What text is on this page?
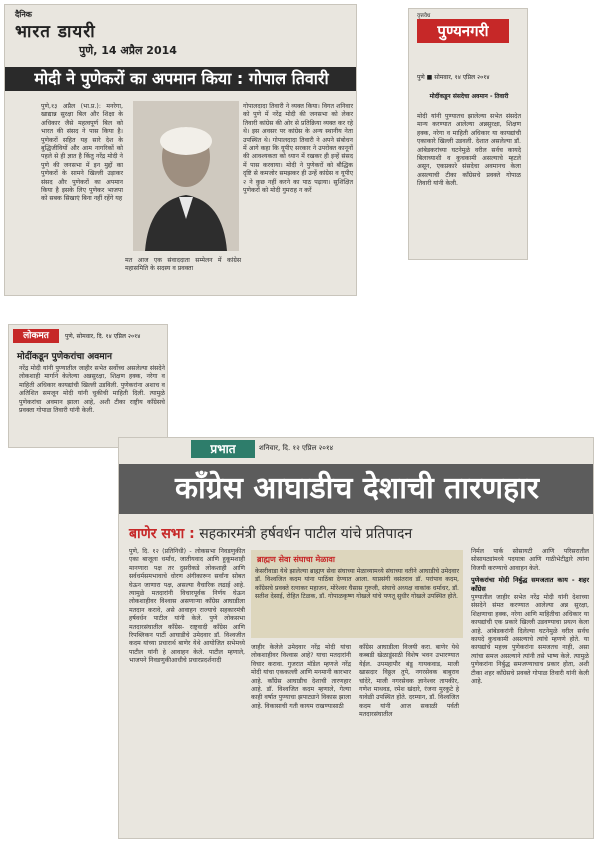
दैनिक
भारत डायरी
पुणे, 14 अप्रैल 2014
मोदी ने पुणेकरों का अपमान किया : गोपाल तिवारी
पुणे,१३ अप्रैल (भा.प्र.): मनरेगा, खाद्यान्न सुरक्षा बिल और शिक्षा के अधिकार जैसे महत्वपूर्ण बिल को भारत की संसद ने पास किया है। पुणेकरों सहित यह सारे देश के बुद्धिजीवियों और आम नागरिकों को पहले से ही ज्ञात है किंतु नरेंद्र मोदी ने पुणे की जनसभा में इन मुद्दों का पुणेकरों के सामने खिल्ली उड़ाकर संसद और पुणेकरों का अपमान किया है इसके लिए पुणेकर भाजपा को सबक सिखाएं बिना नहीं रहेंगे यह
मत आज एक संवाददाता सम्मेलन में कांग्रेस महासमिति के सदस्य व प्रवक्ता
गोपालदादा तिवारी ने व्यक्त किया। विगत शनिवार को पुणे में नरेंद्र मोदी की जनसभा को लेकर तिवारी कांग्रेस की ओर से प्रतिक्रिया व्यक्त कर रहे थे। इस अवसर पर कांग्रेस के अन्य स्थानीय नेता उपस्थित थे। गोपालदादा तिवारी ने अपने संबोधन में आगे कहा कि यूपीए सरकार ने उपरोक्त कानूनों की आवश्यकता को ध्यान में रखकर ही इन्हें संसद में पास करवाया। मोदी ने पुणेकरों को बौद्धिक दृष्टि से कमजोर समझकर ही उन्हें कांग्रेस व यूपीए २ ने कुछ नहीं करने का पाठ पढ़ाया। सुशिक्षित पुणेकरों को मोदी गुमराह न करें
वृत्तवेध
पुण्यनगरी
पुणे ■ सोमवार, १४ एप्रिल २०१४
मोदींकडून संसदेचा अवमान - तिवारी
मोदी यांनी पुण्यातच झालेल्या सभेत संसदेत मान्य करण्यात आलेल्या अन्नसुरक्षा, शिक्षण हक्क, नरेगा व माहिती अधिकार या कायद्यांची एकाकारे खिल्ली उडवली. देशात असलेल्या डॉ. आंबेडकरांच्या घटनेमुळे वरील सर्वच कायदे बिलाच्याशी व कुचकामी असल्याचे म्हटले असून, एकप्रकारे संसदेचा अवमानच केला असल्याची टीका काँग्रेसचे प्रवक्ते गोपाळ तिवारी यांनी केली.
लोकमत	पुणे, सोमवार, दि. १४ एप्रिल २०१४
मोदींकडून पुणेकरांचा अवमान
नरेंद्र मोदी यांनी पुण्यातील जाहीर सभेत सर्वोच्च असलेल्या संसदेने लोकशाही मार्गाने केलेल्या अन्नसुरक्षा, शिक्षण हक्क, नरेगा व माहिती अधिकार कायद्यांची खिल्ली उडविली. पुणेकरांना अशाच व अतिशित समजून मोदी यांनी चुकीची माहिती दिली. त्यामुळे पुणेकरांचा अवमान झाला आहे, अशी टीका राष्ट्रीय काँग्रेसचे प्रवक्ता गोपाळ तिवारी यांनी केली.
प्रभात	शनिवार, दि. १२ एप्रिल २०१४
काँग्रेस आघाडीच देशाची तारणहार
बाणेर सभा : सहकारमंत्री हर्षवर्धन पाटील यांचे प्रतिपादन
पुणे, दि. १२ (प्रतिनिधी) - लोकसभा निवडणुकीत एका बाजूला धर्मांध, जातीयवाद आणि हुकूमशाही मानणारा पक्ष तर दुसरीकडे लोकशाही आणि सर्वधर्मसमभावाचे धोरण अंगीकारून सर्वांना सोबत घेऊन जाणारा पक्ष, असल्या वैचारिक लढाई आहे. त्यामुळे मतदारांनी विचारपूर्वक निर्णय घेऊन लोकशाहीवर विश्वास असणाऱ्या काँग्रेस आघाडीला मतदान करावे, असे आवाहन राज्याचे सहकारमंत्री हर्षवर्धन पाटील यांनी केले. पुणे लोकसभा मतदारसंघातील काँग्रेस- राष्ट्रवादी काँग्रेस आणि रिपब्लिकन पार्टी आघाडीचे उमेदवार डॉ. विश्वजीत कदम यांच्या प्रचारार्थ बाणेर येथे आयोजित सभेमध्ये पाटील यांनी हे आवाहन केले. पाटील म्हणाले, भाजपने निवडणुकीआधीचे प्रचारप्रदर्शनादी
ब्राह्मण सेवा संघाचा मेळावा
केसरीवाडा येथे झालेल्या ब्राह्मण सेवा संघाच्या मेळाव्यामध्ये संघाच्या वतीने आघाडीचे उमेदवार डॉ. विश्वजित कदम यांना पाठिंबा देण्यात आला. याप्रसंगी वसंतराव डॉ. परांपाव कदम, काँग्रेसचे प्रवक्ते रत्नाकर महाजन, मोरेश्वर घैसास गुरुजी, संघाचे अध्यक्ष वाकांक धर्माधर, डॉ. सतीश देसाई, रोहित टिळक, डॉ. गोपाळकृष्ण गोखले यांचे पणतू सुधीर गोखले उपस्थित होते.
जाहीर केलेले उमेदवार नरेंद्र मोदी यांचा लोकशाहीवर विश्वास आहे? याचा मतदारांनी विचार करावा. गुजरात मॉडेल म्हणजे नरेंद्र मोदी यांचा एककल्ली आणि मनमानी कारभार आहे. काँग्रेस आघाडीच देशाची तारणहार आहे. डॉ. विश्वजित कदम म्हणाले, गेल्या काही वर्षात पुण्याचा झपाट्याने विकास झाला आहे. विकासाची गती कायम राखण्यासाठी
काँग्रेस आघाडीला विजयी करा. बाणेर येथे कब्बडी खेळाडूंसाठी विशेष भवन उभारण्यात येईल. उपमहापौर बंडू गायकवाड, माजी खासदार विठ्ठल तुपे, नगरसेवक बाबुराव चांदेरे, माजी नगरसेवक ज्ञानेश्वर तापकीर, गणेश माथवड, रमेश खंदारे, रंजना मुरकुटे हे यावेळी उपस्थित होते. दरम्यान, डॉ. विश्वजित कदम यांनी आज सकाळी पर्वती मतदारसंघातील
निर्मल पार्क सोसायटी आणि परिसरातील सोसायट्यांमध्ये पदयात्रा आणि गाठीभेटीद्वारे त्यांना विजयी करण्याचे आवाहन केले.
पुणेकरांचा मोदी निर्बुद्ध समजतात काय - शहर काँग्रेस
पुण्यातील जाहीर सभेत नरेंद्र मोदी यांनी देशाच्या संसदेने संमत करण्यात आलेल्या अन्न सुरक्षा, शिक्षणाचा हक्क, नरेगा आणि माहितीचा अधिकार या कायद्यांची एक प्रकारे खिल्ली उडवण्याचा प्रयत्न केला आहे. आंबेडकरांनी दिलेल्या घटनेमुळे वरील सर्वच कायदे कुचकामी असल्याचे त्यांचे म्हणणे होते. या कायद्यांचे महत्त्व पुणेकरांना समजतच नाही, असा त्यांचा समज असल्याने त्यांनी तसे भाष्य केले. त्यामुळे पुणेकरांना निर्बुद्ध समजण्याचाच प्रकार होता, अशी टीका शहर काँग्रेसचे प्रवक्ते गोपाळ तिवारी यांनी केली आहे.
